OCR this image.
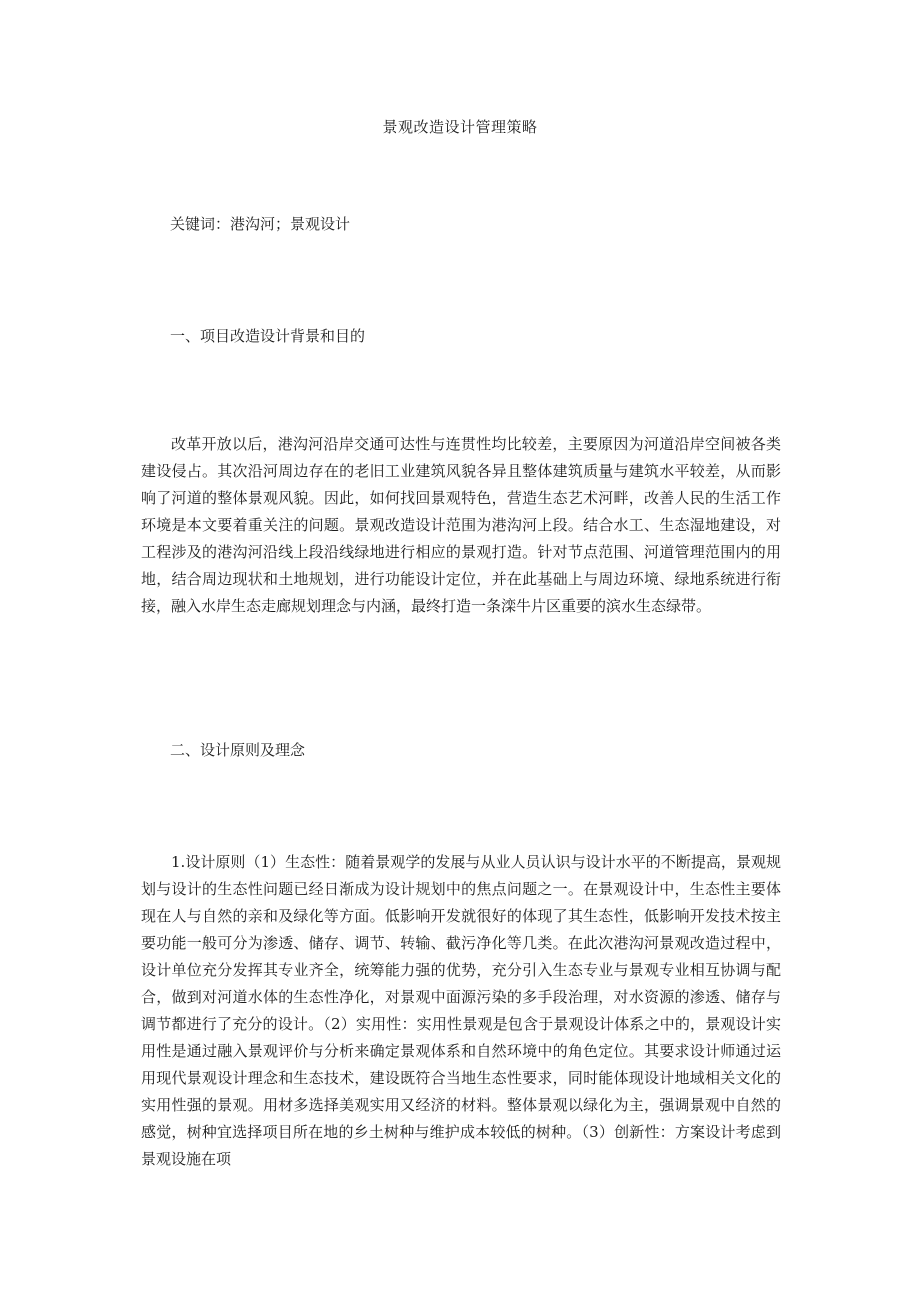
景观改造设计管理策略

关键词：港沟河；景观设计

一、项目改造设计背景和目的

改革开放以后，港沟河沿岸交通可达性与连贯性均比较差，主要原因为河道沿岸空间被各类建设侵占。其次沿河周边存在的老旧工业建筑风貌各异且整体建筑质量与建筑水平较差，从而影响了河道的整体景观风貌。因此，如何找回景观特色，营造生态艺术河畔，改善人民的生活工作环境是本文要着重关注的问题。景观改造设计范围为港沟河上段。结合水工、生态湿地建设，对工程涉及的港沟河沿线上段沿线绿地进行相应的景观打造。针对节点范围、河道管理范围内的用地，结合周边现状和土地规划，进行功能设计定位，并在此基础上与周边环境、绿地系统进行衔接，融入水岸生态走廊规划理念与内涵，最终打造一条滦牛片区重要的滨水生态绿带。

二、设计原则及理念

1.设计原则（1）生态性：随着景观学的发展与从业人员认识与设计水平的不断提高，景观规划与设计的生态性问题已经日渐成为设计规划中的焦点问题之一。在景观设计中，生态性主要体现在人与自然的亲和及绿化等方面。低影响开发就很好的体现了其生态性，低影响开发技术按主要功能一般可分为渗透、储存、调节、转输、截污净化等几类。在此次港沟河景观改造过程中，设计单位充分发挥其专业齐全，统筹能力强的优势，充分引入生态专业与景观专业相互协调与配合，做到对河道水体的生态性净化，对景观中面源污染的多手段治理，对水资源的渗透、储存与调节都进行了充分的设计。（2）实用性：实用性景观是包含于景观设计体系之中的，景观设计实用性是通过融入景观评价与分析来确定景观体系和自然环境中的角色定位。其要求设计师通过运用现代景观设计理念和生态技术，建设既符合当地生态性要求，同时能体现设计地域相关文化的实用性强的景观。用材多选择美观实用又经济的材料。整体景观以绿化为主，强调景观中自然的感觉，树种宜选择项目所在地的乡土树种与维护成本较低的树种。（3）创新性：方案设计考虑到景观设施在项
